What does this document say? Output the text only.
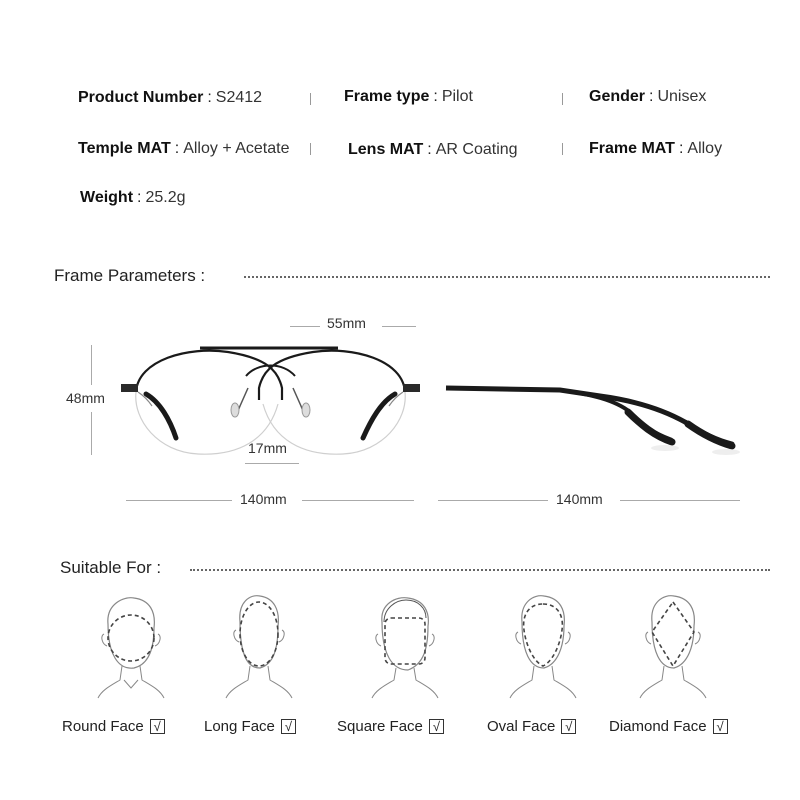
Product Number : S2412	Frame type : Pilot	Gender : Unisex
Temple MAT : Alloy + Acetate	Lens MAT : AR Coating	Frame MAT : Alloy
Weight : 25.2g
Frame Parameters :
55mm
48mm
17mm
140mm	140mm
Suitable For :
Round Face √	Long Face √	Square Face √	Oval Face √ Diamond Face √
